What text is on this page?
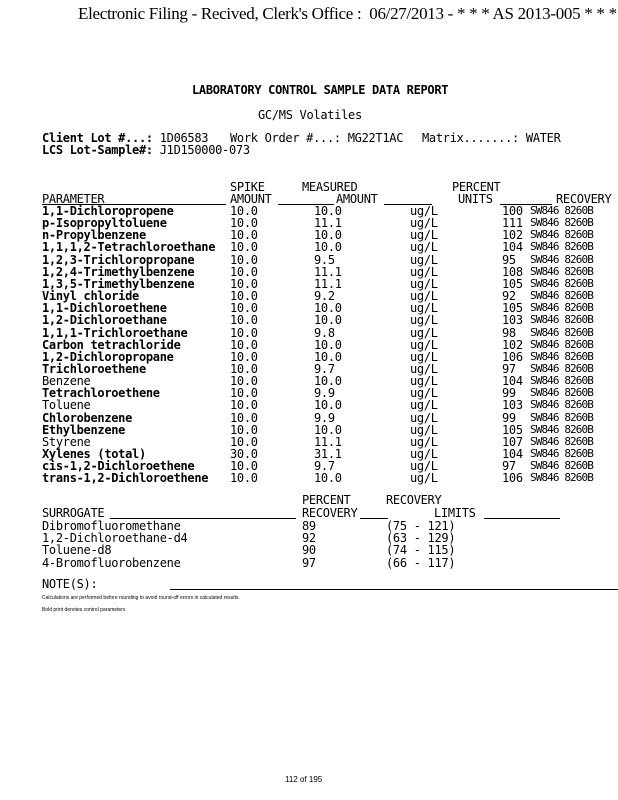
Electronic Filing - Recived, Clerk's Office :  06/27/2013 - * * * AS 2013-005 * * *
LABORATORY CONTROL SAMPLE DATA REPORT
GC/MS Volatiles
Client Lot #...: 1D06583 Work Order #...: MG22T1AC Matrix.......: WATER
LCS Lot-Sample#: J1D150000-073
SPIKE	MEASURED	PERCENT
PARAMETER	AMOUNT	AMOUNT	UNITS	RECOVERY
1,1-Dichloropropene	10.0	10.0	ug/L	100 SW846 8260B
p-Isopropyltoluene	10.0	11.1	ug/L	111 SW846 8260B
n-Propylbenzene	10.0	10.0	ug/L	102 SW846 8260B
1,1,1,2-Tetrachloroethane 10.0	10.0	ug/L	104 SW846 8260B
1,2,3-Trichloropropane	10.0	9.5	ug/L	95 SW846 8260B
1,2,4-Trimethylbenzene	10.0	11.1	ug/L	108 SW846 8260B
1,3,5-Trimethylbenzene	10.0	11.1	ug/L	105 SW846 8260B
Vinyl chloride	10.0	9.2	ug/L	92 SW846 8260B
1,1-Dichloroethene	10.0	10.0	ug/L	105 SW846 8260B
1,2-Dichloroethane	10.0	10.0	ug/L	103 SW846 8260B
1,1,1-Trichloroethane	10.0	9.8	ug/L	98 SW846 8260B
Carbon tetrachloride	10.0	10.0	ug/L	102 SW846 8260B
1,2-Dichloropropane	10.0	10.0	ug/L	106 SW846 8260B
Trichloroethene	10.0	9.7	ug/L	97 SW846 8260B
Benzene	10.0	10.0	ug/L	104 SW846 8260B
Tetrachloroethene	10.0	9.9	ug/L	99 SW846 8260B
Toluene	10.0	10.0	ug/L	103 SW846 8260B
Chlorobenzene	10.0	9.9	ug/L	99 SW846 8260B
Ethylbenzene	10.0	10.0	ug/L	105 SW846 8260B
Styrene	10.0	11.1	ug/L	107 SW846 8260B
Xylenes (total)	30.0	31.1	ug/L	104 SW846 8260B
cis-1,2-Dichloroethene	10.0	9.7	ug/L	97 SW846 8260B
trans-1,2-Dichloroethene 10.0	10.0	ug/L	106 SW846 8260B
PERCENT	RECOVERY
SURROGATE	RECOVERY	LIMITS
Dibromofluoromethane	89	(75 - 121)
1,2-Dichloroethane-d4	92	(63 - 129)
Toluene-d8	90	(74 - 115)
4-Bromofluorobenzene	97	(66 - 117)
NOTE(S):
Calculations are performed before rounding to avoid round-off errors in calculated results.
Bold print denotes control parameters
112 of 195
